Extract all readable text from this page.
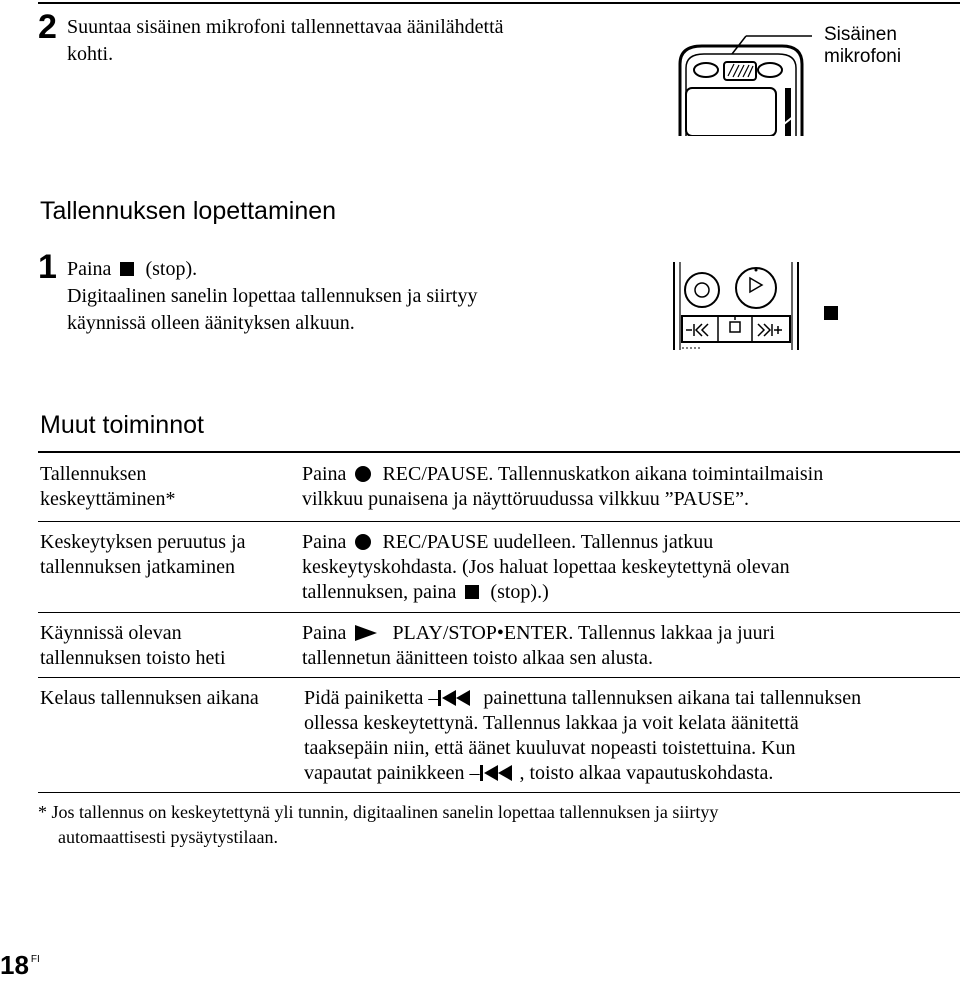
2 Suuntaa sisäinen mikrofoni tallennettavaa äänilähdettä
kohti.
Sisäinen
mikrofoni
Tallennuksen lopettaminen
1 Paina (stop).
Digitaalinen sanelin lopettaa tallennuksen ja siirtyy
käynnissä olleen äänityksen alkuun.
Muut toiminnot
Tallennuksen
keskeyttäminen*
Paina REC/PAUSE. Tallennuskatkon aikana toimintailmaisin
vilkkuu punaisena ja näyttöruudussa vilkkuu ”PAUSE”.
Keskeytyksen peruutus ja
tallennuksen jatkaminen
Paina REC/PAUSE uudelleen. Tallennus jatkuu
keskeytyskohdasta. (Jos haluat lopettaa keskeytettynä olevan
tallennuksen, paina (stop).)
Käynnissä olevan
tallennuksen toisto heti
Paina PLAY/STOP•ENTER. Tallennus lakkaa ja juuri
tallennetun äänitteen toisto alkaa sen alusta.
Kelaus tallennuksen aikana	Pidä painiketta – painettuna tallennuksen aikana tai tallennuksen
ollessa keskeytettynä. Tallennus lakkaa ja voit kelata äänitettä
taaksepäin niin, että äänet kuuluvat nopeasti toistettuina. Kun
vapautat painikkeen – , toisto alkaa vapautuskohdasta.
* Jos tallennus on keskeytettynä yli tunnin, digitaalinen sanelin lopettaa tallennuksen ja siirtyy
automaattisesti pysäytystilaan.
18 $^{FI}$
